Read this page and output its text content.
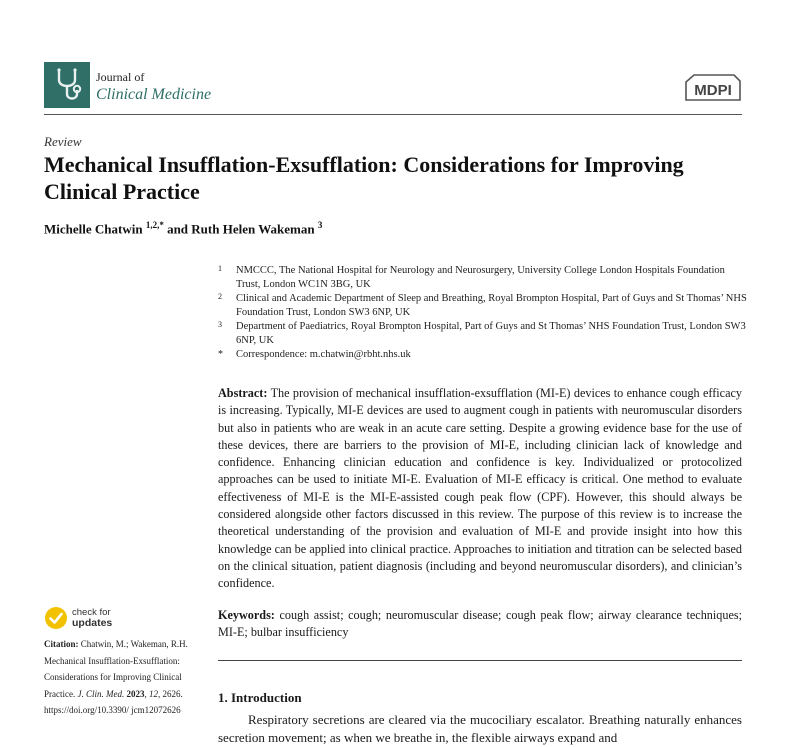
Journal of
Clinical Medicine	MDPI
Review
Mechanical Insufflation-Exsufflation: Considerations for Improving Clinical Practice
Michelle Chatwin $^{1,2,*}$ and Ruth Helen Wakeman $^3$
1 NMCCC, The National Hospital for Neurology and Neurosurgery, University College London Hospitals Foundation Trust, London WC1N 3BG, UK
2 Clinical and Academic Department of Sleep and Breathing, Royal Brompton Hospital, Part of Guys and St Thomas’ NHS Foundation Trust, London SW3 6NP, UK
3 Department of Paediatrics, Royal Brompton Hospital, Part of Guys and St Thomas’ NHS Foundation Trust, London SW3 6NP, UK
* Correspondence: m.chatwin@rbht.nhs.uk

Abstract: The provision of mechanical insufflation-exsufflation (MI-E) devices to enhance cough efficacy is increasing. Typically, MI-E devices are used to augment cough in patients with neuromuscular disorders but also in patients who are weak in an acute care setting. Despite a growing evidence base for the use of these devices, there are barriers to the provision of MI-E, including clinician lack of knowledge and confidence. Enhancing clinician education and confidence is key. Individualized or protocolized approaches can be used to initiate MI-E. Evaluation of MI-E efficacy is critical. One method to evaluate effectiveness of MI-E is the MI-E-assisted cough peak flow (CPF). However, this should always be considered alongside other factors discussed in this review. The purpose of this review is to increase the theoretical understanding of the provision and evaluation of MI-E and provide insight into how this knowledge can be applied into clinical practice. Approaches to initiation and titration can be selected based on the clinical situation, patient diagnosis (including and beyond neuromuscular disorders), and clinician’s confidence.

Keywords: cough assist; cough; neuromuscular disease; cough peak flow; airway clearance techniques; MI-E; bulbar insufficiency

1. Introduction

Respiratory secretions are cleared via the mucociliary escalator. Breathing naturally enhances secretion movement; as when we breathe in, the flexible airways expand and

check for
updates

Citation: Chatwin, M.; Wakeman, R.H. Mechanical Insufflation-Exsufflation: Considerations for Improving Clinical Practice. J. Clin. Med. 2023, 12, 2626. https://doi.org/10.3390/ jcm12072626
